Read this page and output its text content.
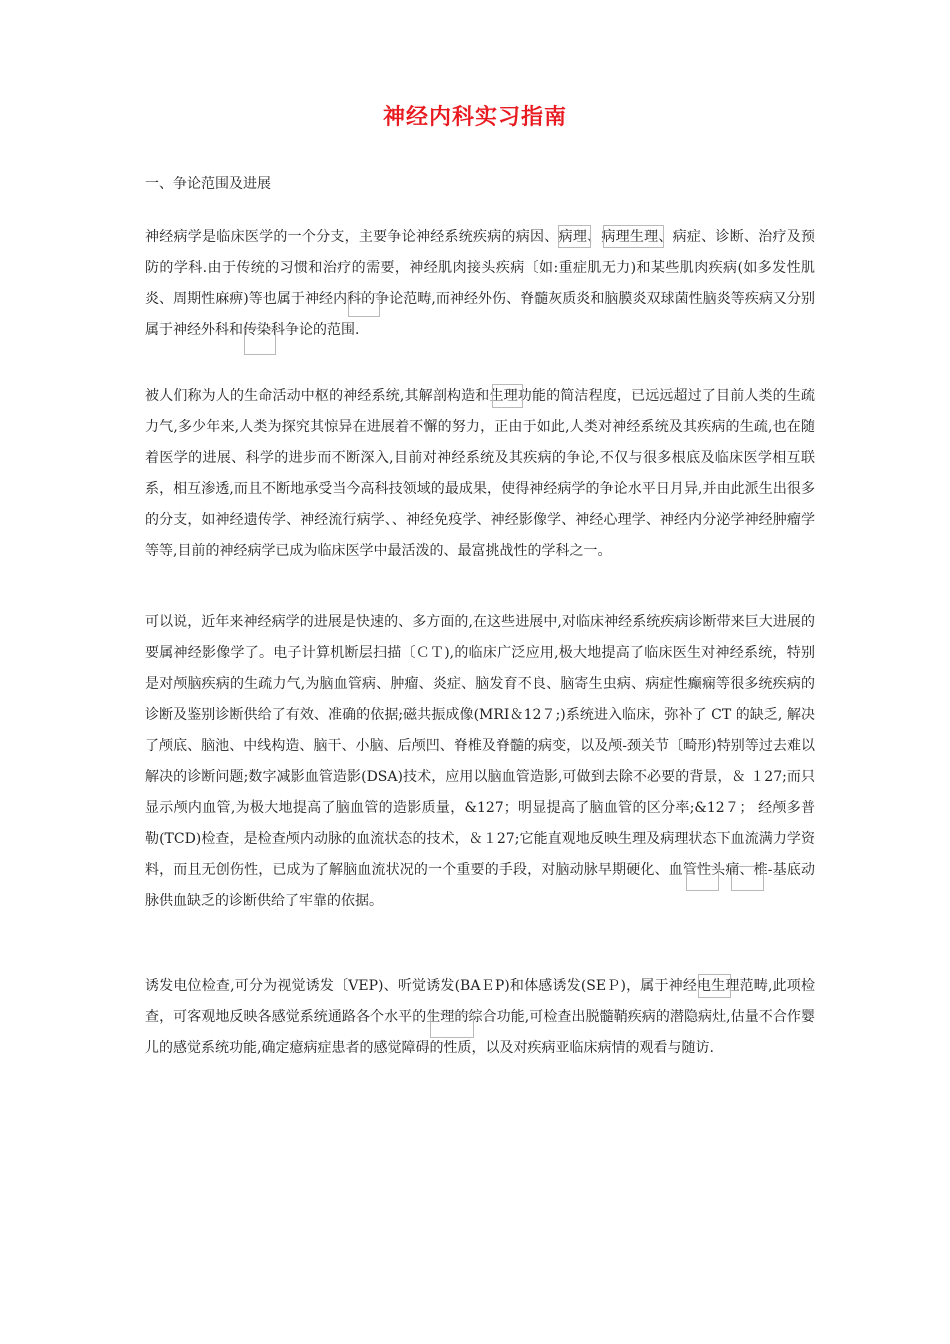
神经内科实习指南
一、争论范围及进展

神经病学是临床医学的一个分支，主要争论神经系统疾病的病因、病理、病理生理、病症、诊断、治疗及预防的学科.由于传统的习惯和治疗的需要，神经肌肉接头疾病〔如:重症肌无力)和某些肌肉疾病(如多发性肌炎、周期性麻痹)等也属于神经内科的争论范畴,而神经外伤、脊髓灰质炎和脑膜炎双球菌性脑炎等疾病又分别属于神经外科和传染科争论的范围.

被人们称为人的生命活动中枢的神经系统,其解剖构造和生理功能的简洁程度，已远远超过了目前人类的生疏力气,多少年来,人类为探究其惊异在进展着不懈的努力，正由于如此,人类对神经系统及其疾病的生疏,也在随着医学的进展、科学的进步而不断深入,目前对神经系统及其疾病的争论,不仅与很多根底及临床医学相互联系，相互渗透,而且不断地承受当今高科技领域的最成果，使得神经病学的争论水平日月异,并由此派生出很多的分支，如神经遗传学、神经流行病学、、神经免疫学、神经影像学、神经心理学、神经内分泌学神经肿瘤学等等,目前的神经病学已成为临床医学中最活泼的、最富挑战性的学科之一。

可以说，近年来神经病学的进展是快速的、多方面的,在这些进展中,对临床神经系统疾病诊断带来巨大进展的要属神经影像学了。电子计算机断层扫描〔ＣＴ),的临床广泛应用,极大地提高了临床医生对神经系统，特别是对颅脑疾病的生疏力气,为脑血管病、肿瘤、炎症、脑发育不良、脑寄生虫病、病症性癫痫等很多统疾病的诊断及鉴别诊断供给了有效、准确的依据;磁共振成像(MRI＆12７;)系统进入临床，弥补了 CT 的缺乏, 解决了颅底、脑池、中线构造、脑干、小脑、后颅凹、脊椎及脊髓的病变，以及颅-颈关节〔畸形)特别等过去难以解决的诊断问题;数字减影血管造影(DSA)技术，应用以脑血管造影,可做到去除不必要的背景，＆ １27;而只显示颅内血管,为极大地提高了脑血管的造影质量，&127；明显提高了脑血管的区分率;&12７； 经颅多普勒(TCD)检查，是检查颅内动脉的血流状态的技术，＆１27;它能直观地反映生理及病理状态下血流满力学资料，而且无创伤性，已成为了解脑血流状况的一个重要的手段，对脑动脉早期硬化、血管性头痛、椎-基底动脉供血缺乏的诊断供给了牢靠的依据。

诱发电位检查,可分为视觉诱发〔VEP)、听觉诱发(BAＥP)和体感诱发(SEＰ)，属于神经电生理范畴,此项检查，可客观地反映各感觉系统通路各个水平的生理的综合功能,可检查出脱髓鞘疾病的潜隐病灶,估量不合作婴儿的感觉系统功能,确定癔病症患者的感觉障碍的性质，以及对疾病亚临床病情的观看与随访.
